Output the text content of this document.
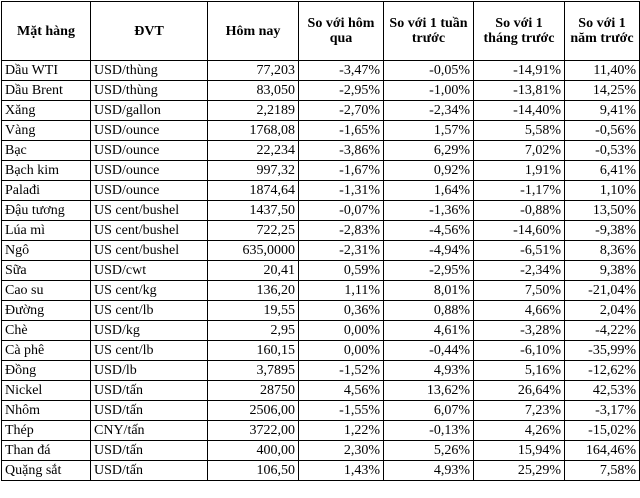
Mặt hàng	ĐVT	Hôm nay	So với hôm qua	So với 1 tuần trước	So với 1 tháng trước	So với 1 năm trước
Dầu WTI	USD/thùng	77,203	-3,47%	-0,05%	-14,91%	11,40%
Dầu Brent	USD/thùng	83,050	-2,95%	-1,00%	-13,81%	14,25%
Xăng	USD/gallon	2,2189	-2,70%	-2,34%	-14,40%	9,41%
Vàng	USD/ounce	1768,08	-1,65%	1,57%	5,58%	-0,56%
Bạc	USD/ounce	22,234	-3,86%	6,29%	7,02%	-0,53%
Bạch kim	USD/ounce	997,32	-1,67%	0,92%	1,91%	6,41%
Palađi	USD/ounce	1874,64	-1,31%	1,64%	-1,17%	1,10%
Đậu tương	US cent/bushel	1437,50	-0,07%	-1,36%	-0,88%	13,50%
Lúa mì	US cent/bushel	722,25	-2,83%	-4,56%	-14,60%	-9,38%
Ngô	US cent/bushel	635,0000	-2,31%	-4,94%	-6,51%	8,36%
Sữa	USD/cwt	20,41	0,59%	-2,95%	-2,34%	9,38%
Cao su	US cent/kg	136,20	1,11%	8,01%	7,50%	-21,04%
Đường	US cent/lb	19,55	0,36%	0,88%	4,66%	2,04%
Chè	USD/kg	2,95	0,00%	4,61%	-3,28%	-4,22%
Cà phê	US cent/lb	160,15	0,00%	-0,44%	-6,10%	-35,99%
Đồng	USD/lb	3,7895	-1,52%	4,93%	5,16%	-12,62%
Nickel	USD/tấn	28750	4,56%	13,62%	26,64%	42,53%
Nhôm	USD/tấn	2506,00	-1,55%	6,07%	7,23%	-3,17%
Thép	CNY/tấn	3722,00	1,22%	-0,13%	4,26%	-15,02%
Than đá	USD/tấn	400,00	2,30%	5,26%	15,94%	164,46%
Quặng sắt	USD/tấn	106,50	1,43%	4,93%	25,29%	7,58%
